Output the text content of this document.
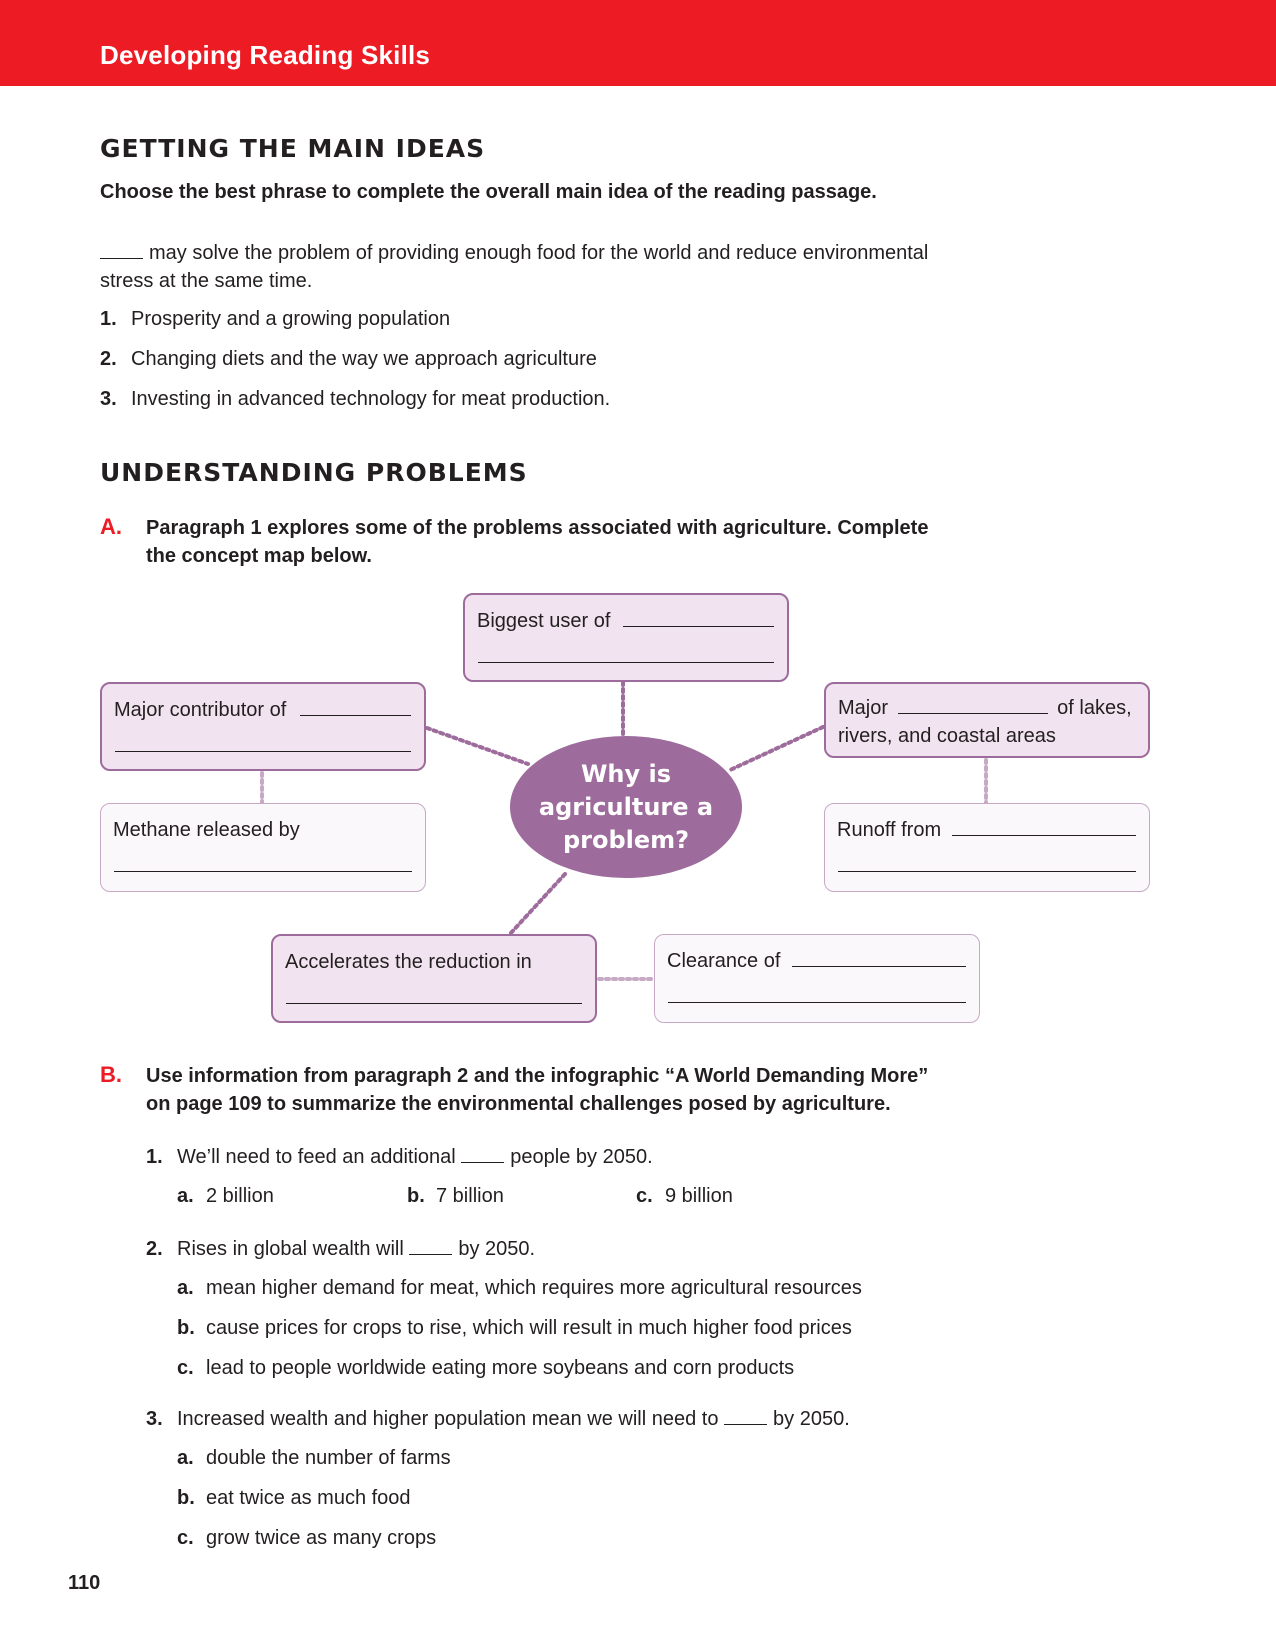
Developing Reading Skills
GETTING THE MAIN IDEAS
Choose the best phrase to complete the overall main idea of the reading passage.
may solve the problem of providing enough food for the world and reduce environmental
stress at the same time.
1. Prosperity and a growing population
2. Changing diets and the way we approach agriculture
3. Investing in advanced technology for meat production.
UNDERSTANDING PROBLEMS
A. Paragraph 1 explores some of the problems associated with agriculture. Complete
the concept map below.
Biggest user of
Major contributor of	Major	of lakes,
rivers, and coastal areas
Methane released by	Runoff from
Accelerates the reduction in	Clearance of
Why is agriculture a problem?
B. Use information from paragraph 2 and the infographic “A World Demanding More”
on page 109 to summarize the environmental challenges posed by agriculture.
1. We’ll need to feed an additional	people by 2050.
a. 2 billion	b. 7 billion	c. 9 billion
2. Rises in global wealth will	by 2050.
a. mean higher demand for meat, which requires more agricultural resources
b. cause prices for crops to rise, which will result in much higher food prices
c. lead to people worldwide eating more soybeans and corn products
3. Increased wealth and higher population mean we will need to	by 2050.
a. double the number of farms
b. eat twice as much food
c. grow twice as many crops
110
